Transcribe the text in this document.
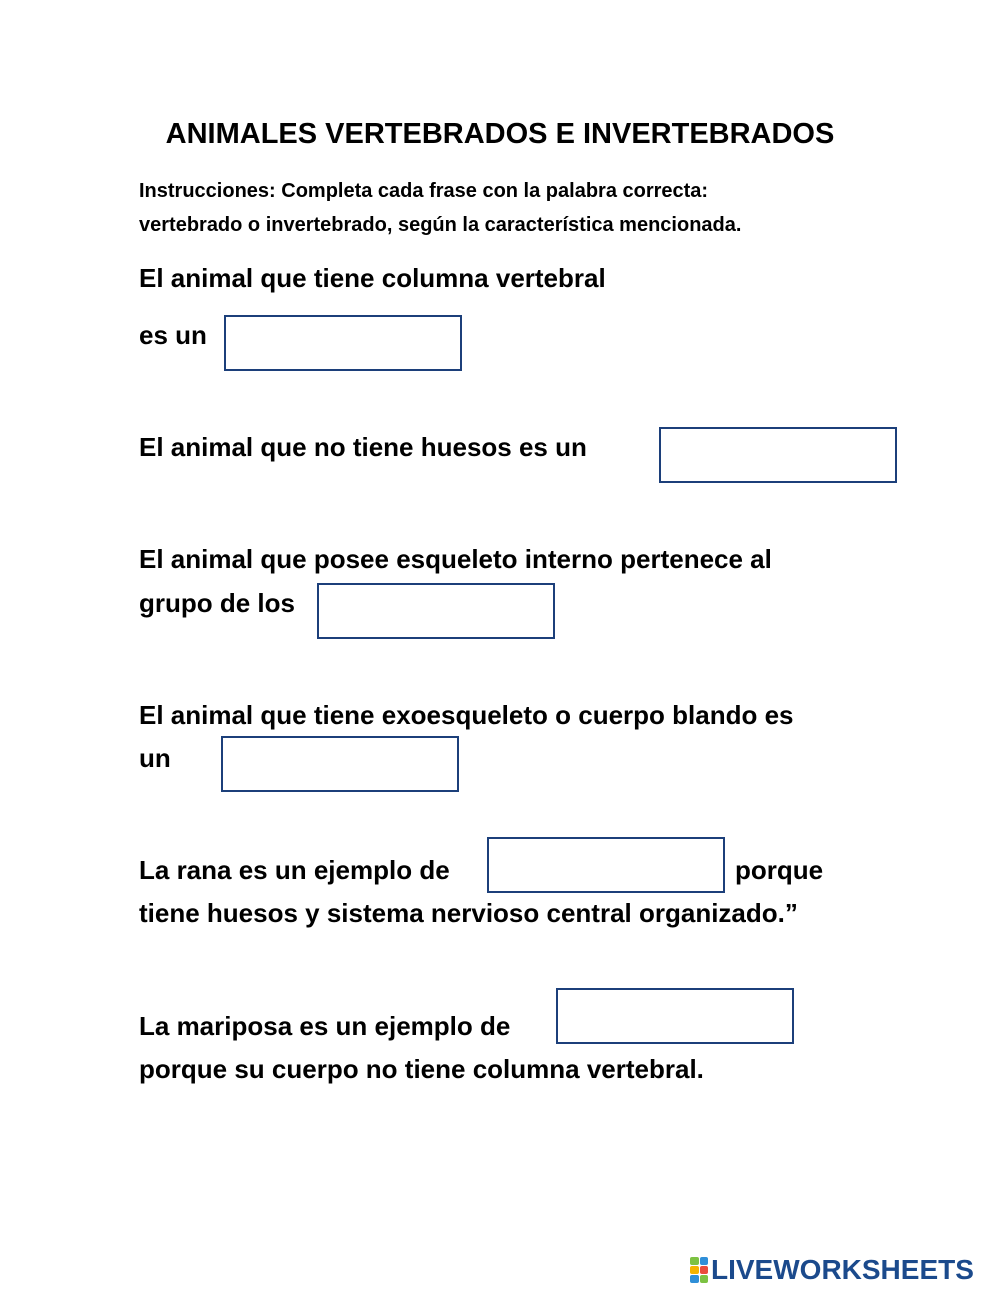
ANIMALES VERTEBRADOS E INVERTEBRADOS
Instrucciones: Completa cada frase con la palabra correcta:
vertebrado o invertebrado, según la característica mencionada.
El animal que tiene columna vertebral
es un
El animal que no tiene huesos es un
El animal que posee esqueleto interno pertenece al
grupo de los
El animal que tiene exoesqueleto o cuerpo blando es
un
La rana es un ejemplo de	porque
tiene huesos y sistema nervioso central organizado.”
La mariposa es un ejemplo de
porque su cuerpo no tiene columna vertebral.
LIVEWORKSHEETS
